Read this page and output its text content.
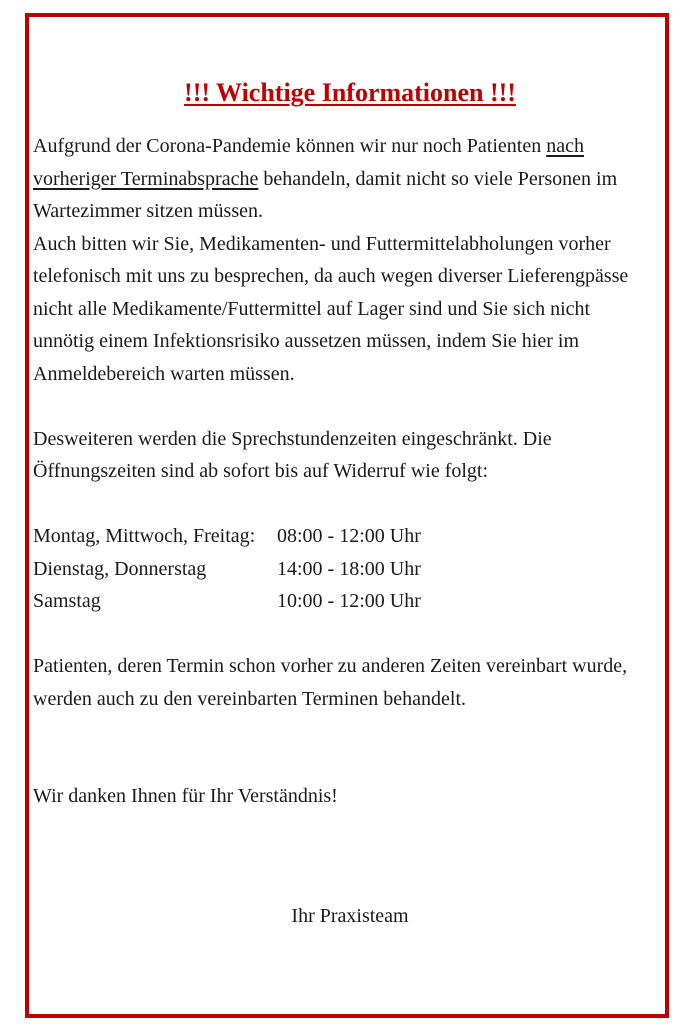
!!! Wichtige Informationen !!!

Aufgrund der Corona-Pandemie können wir nur noch Patienten nach vorheriger Terminabsprache behandeln, damit nicht so viele Personen im Wartezimmer sitzen müssen.

Auch bitten wir Sie, Medikamenten- und Futtermittelabholungen vorher telefonisch mit uns zu besprechen, da auch wegen diverser Lieferengpässe nicht alle Medikamente/Futtermittel auf Lager sind und Sie sich nicht unnötig einem Infektionsrisiko aussetzen müssen, indem Sie hier im Anmeldebereich warten müssen.

Desweiteren werden die Sprechstundenzeiten eingeschränkt. Die Öffnungszeiten sind ab sofort bis auf Widerruf wie folgt:

Montag, Mittwoch, Freitag:	08:00 - 12:00 Uhr
Dienstag, Donnerstag	14:00 - 18:00 Uhr
Samstag	10:00 - 12:00 Uhr

Patienten, deren Termin schon vorher zu anderen Zeiten vereinbart wurde, werden auch zu den vereinbarten Terminen behandelt.

Wir danken Ihnen für Ihr Verständnis!

Ihr Praxisteam
